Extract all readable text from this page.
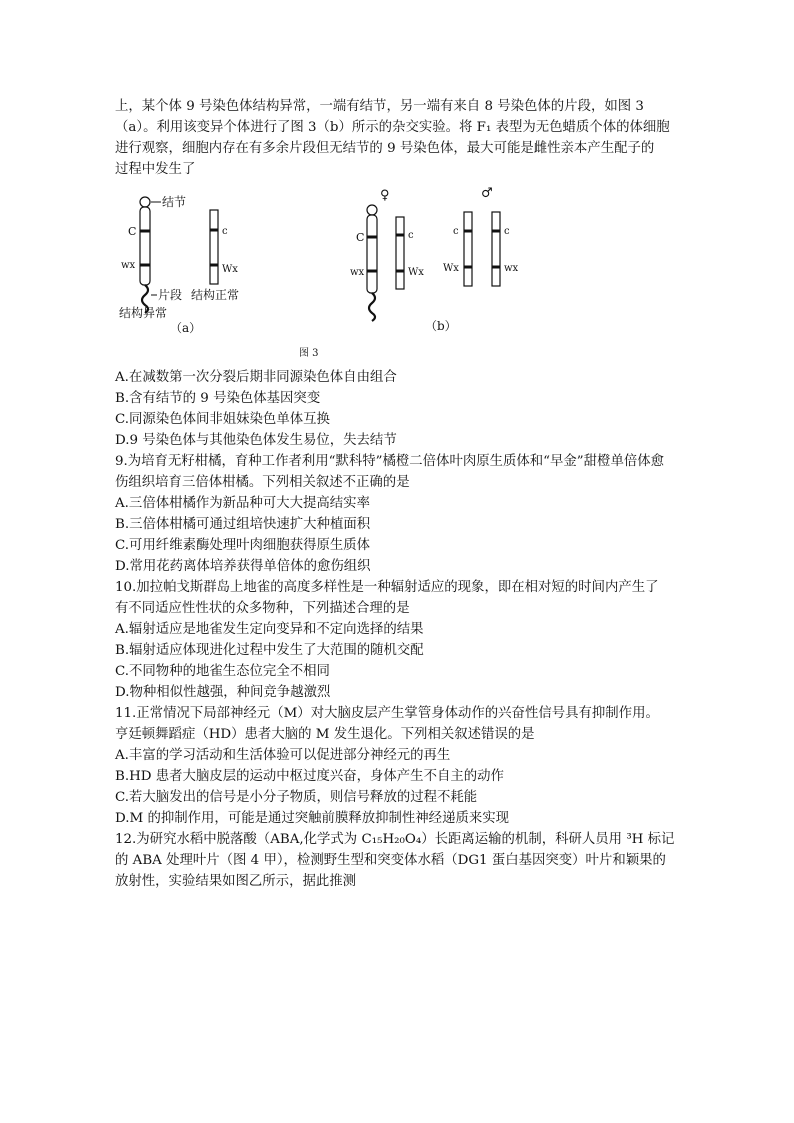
上，某个体 9 号染色体结构异常，一端有结节，另一端有来自 8 号染色体的片段，如图 3
（a）。利用该变异个体进行了图 3（b）所示的杂交实验。将 F₁ 表型为无色蜡质个体的体细胞
进行观察，细胞内存在有多余片段但无结节的 9 号染色体，最大可能是雌性亲本产生配子的
过程中发生了
结节
C
wx
片段
结构异常
（a）
c
Wx
结构正常
♀
C
wx
c
Wx
♂
c
Wx
c
wx
（b）
图 3
A.在减数第一次分裂后期非同源染色体自由组合
B.含有结节的 9 号染色体基因突变
C.同源染色体间非姐妹染色单体互换
D.9 号染色体与其他染色体发生易位，失去结节
9.为培育无籽柑橘，育种工作者利用“默科特”橘橙二倍体叶肉原生质体和“早金”甜橙单倍体愈
伤组织培育三倍体柑橘。下列相关叙述不正确的是
A.三倍体柑橘作为新品种可大大提高结实率
B.三倍体柑橘可通过组培快速扩大种植面积
C.可用纤维素酶处理叶肉细胞获得原生质体
D.常用花药离体培养获得单倍体的愈伤组织
10.加拉帕戈斯群岛上地雀的高度多样性是一种辐射适应的现象，即在相对短的时间内产生了
有不同适应性性状的众多物种，下列描述合理的是
A.辐射适应是地雀发生定向变异和不定向选择的结果
B.辐射适应体现进化过程中发生了大范围的随机交配
C.不同物种的地雀生态位完全不相同
D.物种相似性越强，种间竞争越激烈
11.正常情况下局部神经元（M）对大脑皮层产生掌管身体动作的兴奋性信号具有抑制作用。
亨廷顿舞蹈症（HD）患者大脑的 M 发生退化。下列相关叙述错误的是
A.丰富的学习活动和生活体验可以促进部分神经元的再生
B.HD 患者大脑皮层的运动中枢过度兴奋，身体产生不自主的动作
C.若大脑发出的信号是小分子物质，则信号释放的过程不耗能
D.M 的抑制作用，可能是通过突触前膜释放抑制性神经递质来实现
12.为研究水稻中脱落酸（ABA,化学式为 C₁₅H₂₀O₄）长距离运输的机制，科研人员用 ³H 标记
的 ABA 处理叶片（图 4 甲），检测野生型和突变体水稻（DG1 蛋白基因突变）叶片和颖果的
放射性，实验结果如图乙所示，据此推测
